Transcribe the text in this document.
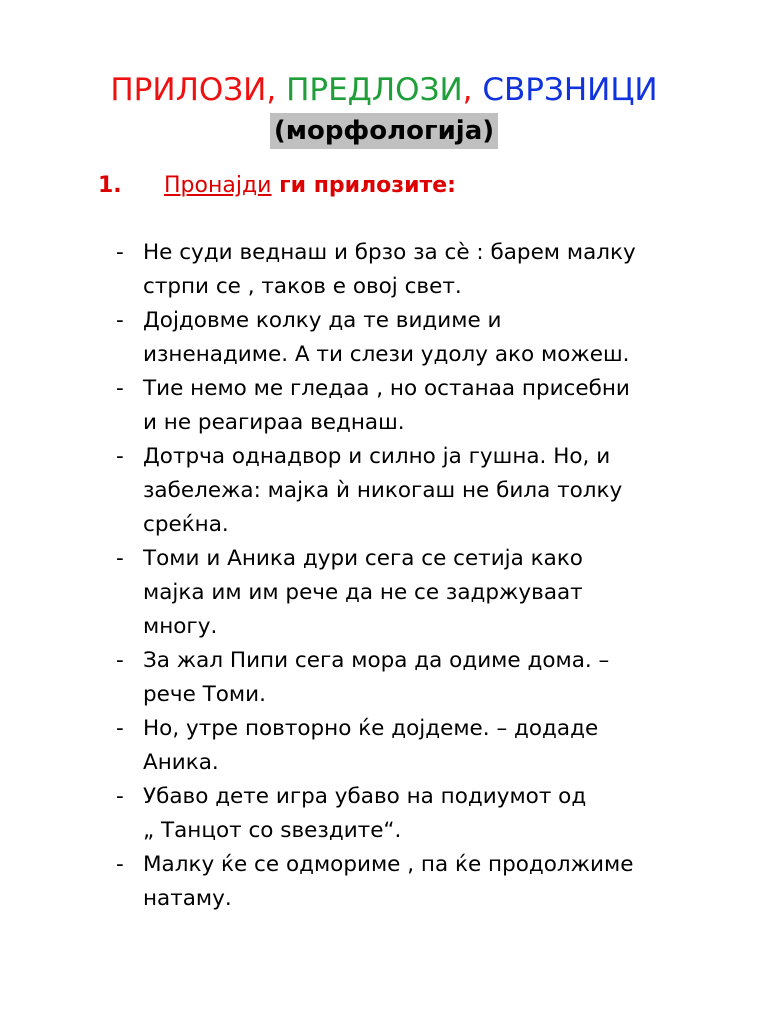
ПРИЛОЗИ, ПРЕДЛОЗИ, СВРЗНИЦИ
(морфологија)
1. Пронајди ги прилозите:
- Не суди веднаш и брзо за сѐ : барем малку
стрпи се , таков е овој свет.
- Дојдовме колку да те видиме и
изненадиме. А ти слези удолу ако можеш.
- Тие немо ме гледаа , но останаа присебни
и не реагираа веднаш.
- Дотрча однадвор и силно ја гушна. Но, и
забележа: мајка ѝ никогаш не била толку
среќна.
- Томи и Аника дури сега се сетија како
мајка им им рече да не се задржуваат
многу.
- За жал Пипи сега мора да одиме дома. –
рече Томи.
- Но, утре повторно ќе дојдеме. – додаде
Аника.
- Убаво дете игра убаво на подиумот од
„ Танцот со ѕвездите“.
- Малку ќе се одмориме , па ќе продолжиме
натаму.
